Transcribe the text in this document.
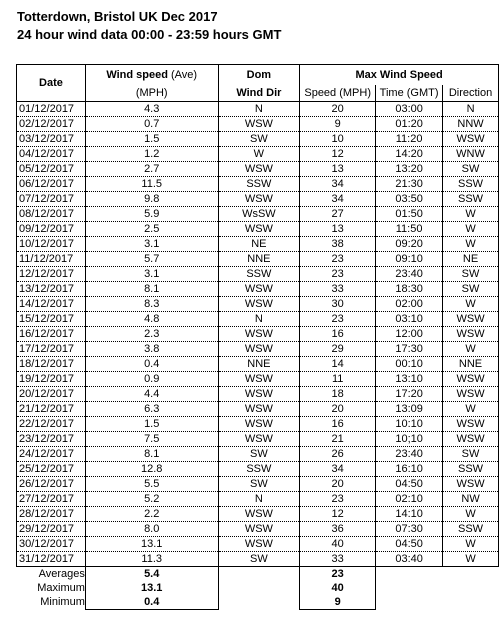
Totterdown, Bristol UK Dec 2017
24 hour wind data 00:00 - 23:59 hours GMT
Date	Wind speed (Ave)	Dom	Max Wind Speed		
	(MPH)	Wind Dir	Speed (MPH)	Time (GMT)	Direction
01/12/2017	4.3	N	20	03:00	N
02/12/2017	0.7	WSW	9	01:20	NNW
03/12/2017	1.5	SW	10	11:20	WSW
04/12/2017	1.2	W	12	14:20	WNW
05/12/2017	2.7	WSW	13	13:20	SW
06/12/2017	11.5	SSW	34	21:30	SSW
07/12/2017	9.8	WSW	34	03:50	SSW
08/12/2017	5.9	WsSW	27	01:50	W
09/12/2017	2.5	WSW	13	11:50	W
10/12/2017	3.1	NE	38	09:20	W
11/12/2017	5.7	NNE	23	09:10	NE
12/12/2017	3.1	SSW	23	23:40	SW
13/12/2017	8.1	WSW	33	18:30	SW
14/12/2017	8.3	WSW	30	02:00	W
15/12/2017	4.8	N	23	03:10	WSW
16/12/2017	2.3	WSW	16	12:00	WSW
17/12/2017	3.8	WSW	29	17:30	W
18/12/2017	0.4	NNE	14	00:10	NNE
19/12/2017	0.9	WSW	11	13:10	WSW
20/12/2017	4.4	WSW	18	17:20	WSW
21/12/2017	6.3	WSW	20	13:09	W
22/12/2017	1.5	WSW	16	10:10	WSW
23/12/2017	7.5	WSW	21	10;10	WSW
24/12/2017	8.1	SW	26	23:40	SW
25/12/2017	12.8	SSW	34	16:10	SSW
26/12/2017	5.5	SW	20	04:50	WSW
27/12/2017	5.2	N	23	02:10	NW
28/12/2017	2.2	WSW	12	14:10	W
29/12/2017	8.0	WSW	36	07:30	SSW
30/12/2017	13.1	WSW	40	04:50	W
31/12/2017	11.3	SW	33	03:40	W
Averages	5.4		23		
Maximum	13.1		40		
Minimum	0.4		9		
